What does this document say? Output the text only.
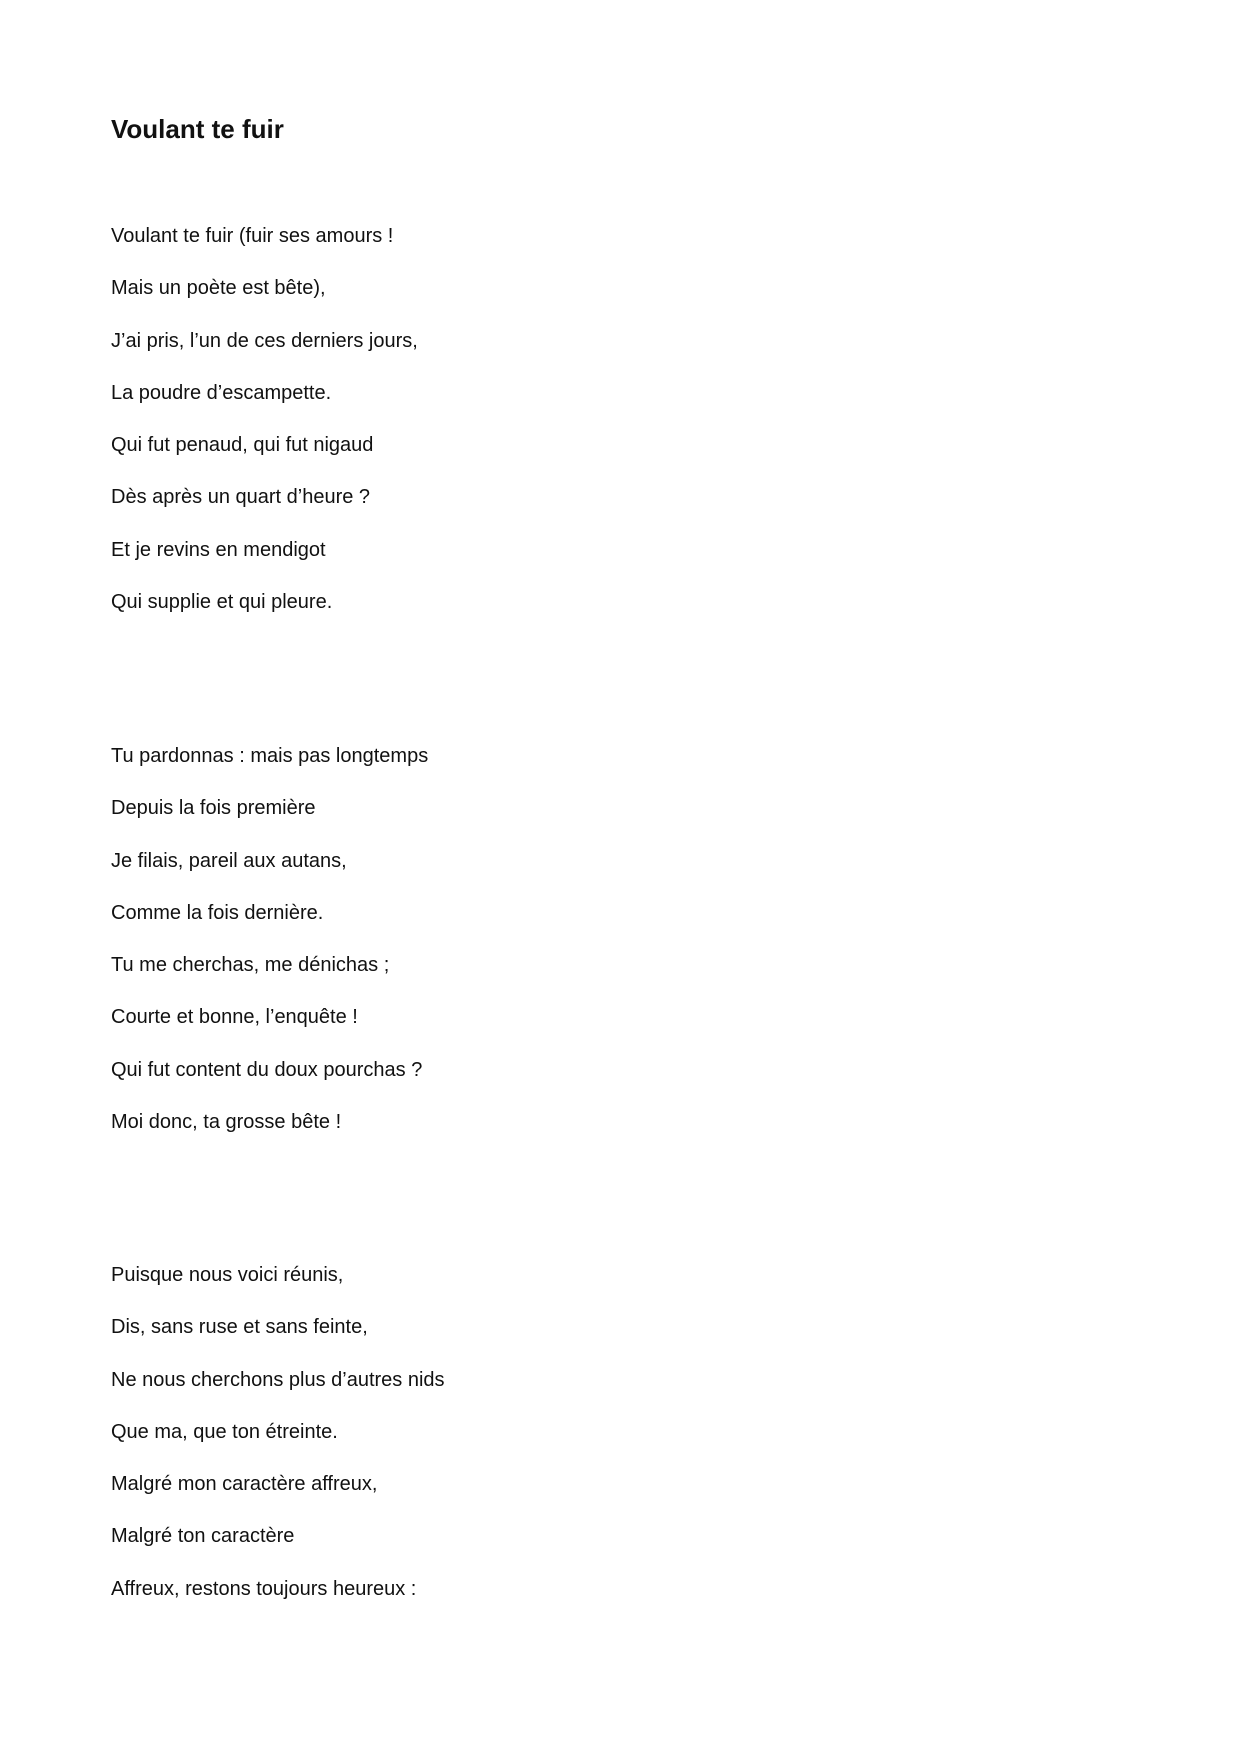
Voulant te fuir
Voulant te fuir (fuir ses amours !
Mais un poète est bête),
J’ai pris, l’un de ces derniers jours,
La poudre d’escampette.
Qui fut penaud, qui fut nigaud
Dès après un quart d’heure ?
Et je revins en mendigot
Qui supplie et qui pleure.
Tu pardonnas : mais pas longtemps
Depuis la fois première
Je filais, pareil aux autans,
Comme la fois dernière.
Tu me cherchas, me dénichas ;
Courte et bonne, l’enquête !
Qui fut content du doux pourchas ?
Moi donc, ta grosse bête !
Puisque nous voici réunis,
Dis, sans ruse et sans feinte,
Ne nous cherchons plus d’autres nids
Que ma, que ton étreinte.
Malgré mon caractère affreux,
Malgré ton caractère
Affreux, restons toujours heureux :
